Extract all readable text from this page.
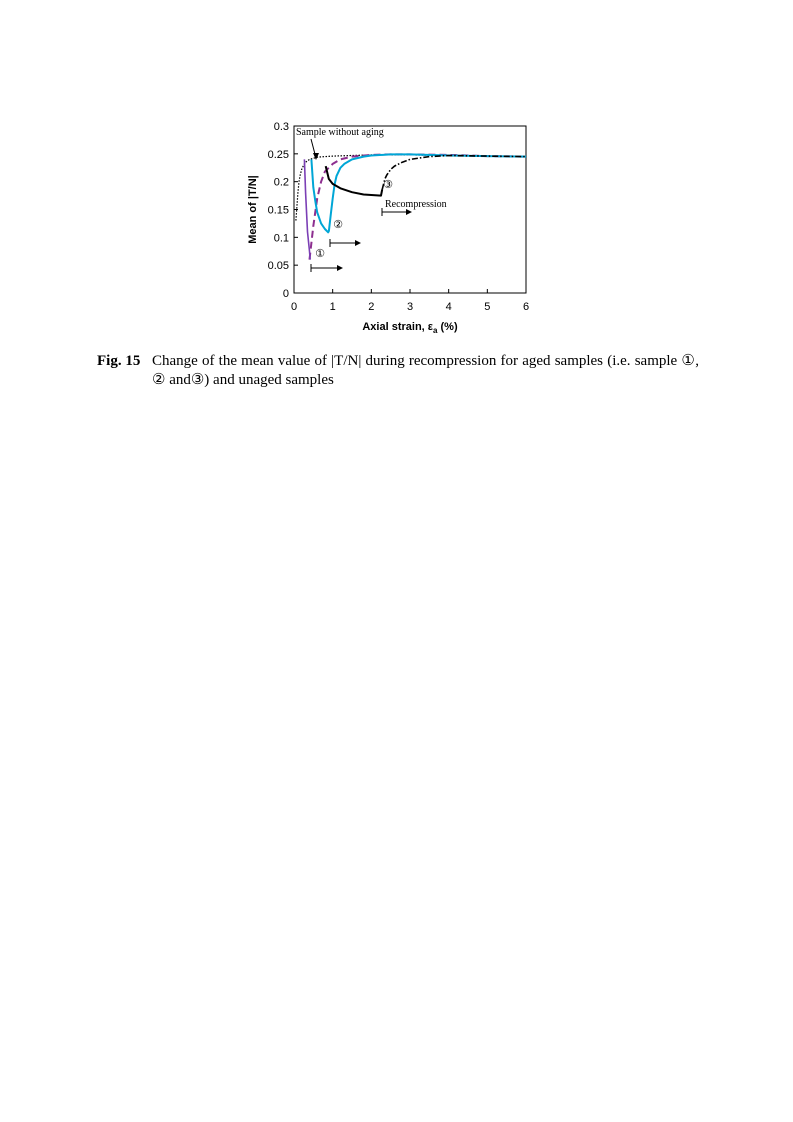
0	1	2	3	4	5	6
0
0.05
0.1
0.15
0.2
0.25
0.3
Axial strain, $\varepsilon_a$ (%)
Mean of |T/N|
Sample without aging
Recompression
③
②
①
Fig. 15 Change of the mean value of |T/N| during recompression for aged samples (i.e. sample ①, ② and③) and unaged samples
